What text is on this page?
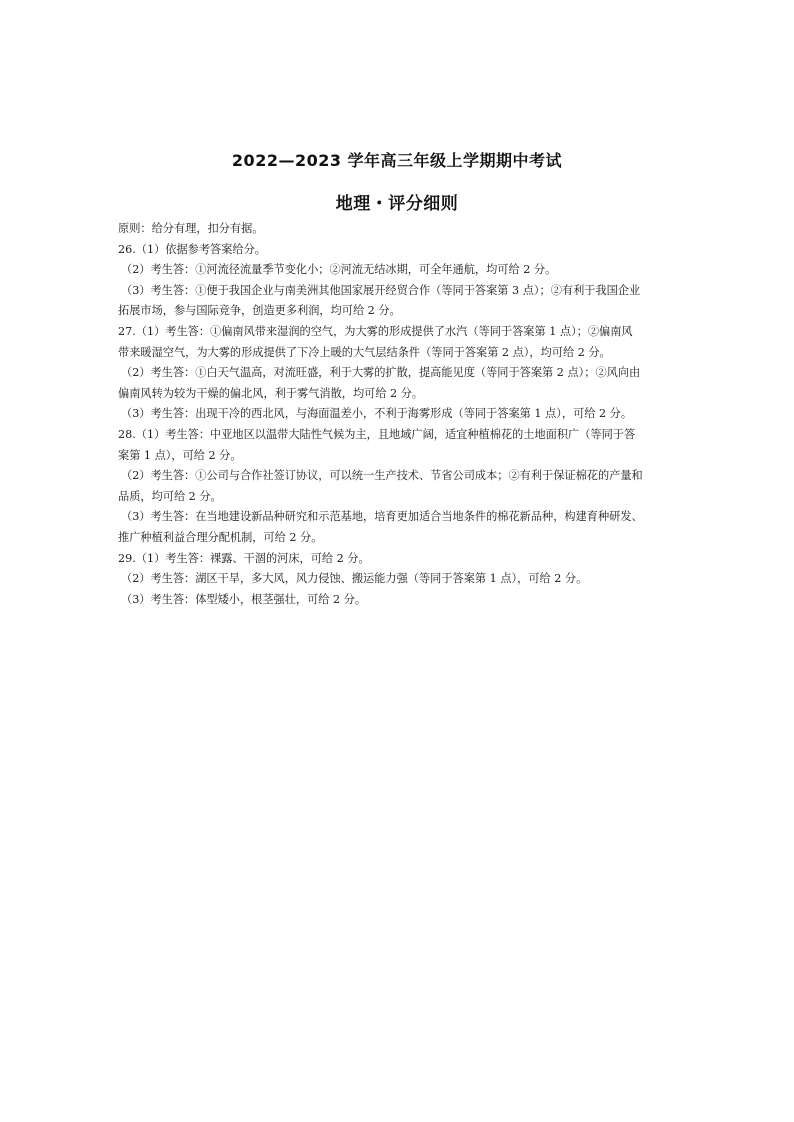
2022—2023 学年高三年级上学期期中考试
地理・评分细则
原则：给分有理，扣分有据。
26.（1）依据参考答案给分。
（2）考生答：①河流径流量季节变化小；②河流无结冰期，可全年通航，均可给 2 分。
（3）考生答：①便于我国企业与南美洲其他国家展开经贸合作（等同于答案第 3 点）；②有利于我国企业
拓展市场，参与国际竞争，创造更多利润，均可给 2 分。
27.（1）考生答：①偏南风带来湿润的空气，为大雾的形成提供了水汽（等同于答案第 1 点）；②偏南风
带来暖湿空气，为大雾的形成提供了下冷上暖的大气层结条件（等同于答案第 2 点），均可给 2 分。
（2）考生答：①白天气温高，对流旺盛，利于大雾的扩散，提高能见度（等同于答案第 2 点）；②风向由
偏南风转为较为干燥的偏北风，利于雾气消散，均可给 2 分。
（3）考生答：出现干冷的西北风，与海面温差小，不利于海雾形成（等同于答案第 1 点），可给 2 分。
28.（1）考生答：中亚地区以温带大陆性气候为主，且地域广阔，适宜种植棉花的土地面积广（等同于答
案第 1 点），可给 2 分。
（2）考生答：①公司与合作社签订协议，可以统一生产技术、节省公司成本；②有利于保证棉花的产量和
品质，均可给 2 分。
（3）考生答：在当地建设新品种研究和示范基地，培育更加适合当地条件的棉花新品种，构建育种研发、
推广种植利益合理分配机制，可给 2 分。
29.（1）考生答：裸露、干涸的河床，可给 2 分。
（2）考生答：湖区干旱，多大风，风力侵蚀、搬运能力强（等同于答案第 1 点），可给 2 分。
（3）考生答：体型矮小，根茎强壮，可给 2 分。
